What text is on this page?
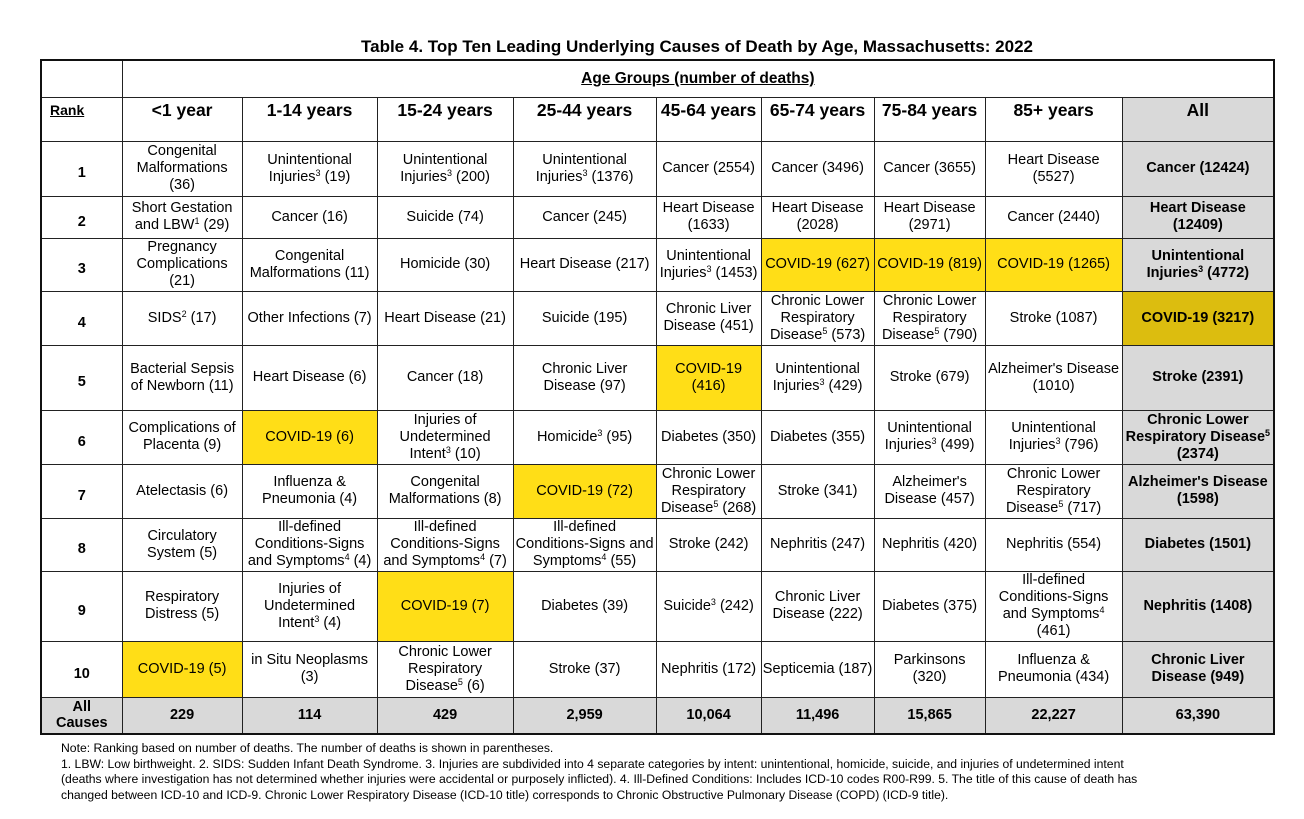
Table 4. Top Ten Leading Underlying Causes of Death by Age, Massachusetts: 2022
	Age Groups (number of deaths)								
Rank	<1 year	1-14 years	15-24 years	25-44 years	45-64 years	65-74 years	75-84 years	85+ years	All
1	Congenital Malformations (36)	Unintentional Injuries$^3$ (19)	Unintentional Injuries$^3$ (200)	Unintentional Injuries$^3$ (1376)	Cancer (2554)	Cancer (3496)	Cancer (3655)	Heart Disease (5527)	Cancer (12424)
2	Short Gestation and LBW$^1$ (29)	Cancer (16)	Suicide (74)	Cancer (245)	Heart Disease (1633)	Heart Disease (2028)	Heart Disease (2971)	Cancer (2440)	Heart Disease (12409)
3	Pregnancy Complications (21)	Congenital Malformations (11)	Homicide (30)	Heart Disease (217)	Unintentional Injuries$^3$ (1453)	COVID-19 (627)	COVID-19 (819)	COVID-19 (1265)	Unintentional Injuries$^3$ (4772)
4	SIDS$^2$ (17)	Other Infections (7)	Heart Disease (21)	Suicide (195)	Chronic Liver Disease (451)	Chronic Lower Respiratory Disease$^5$ (573)	Chronic Lower Respiratory Disease$^5$ (790)	Stroke (1087)	COVID-19 (3217)
5	Bacterial Sepsis of Newborn (11)	Heart Disease (6)	Cancer (18)	Chronic Liver Disease (97)	COVID-19 (416)	Unintentional Injuries$^3$ (429)	Stroke (679)	Alzheimer's Disease (1010)	Stroke (2391)
6	Complications of Placenta (9)	COVID-19 (6)	Injuries of Undetermined Intent$^3$ (10)	Homicide$^3$ (95)	Diabetes (350)	Diabetes (355)	Unintentional Injuries$^3$ (499)	Unintentional Injuries$^3$ (796)	Chronic Lower Respiratory Disease$^5$ (2374)
7	Atelectasis (6)	Influenza & Pneumonia (4)	Congenital Malformations (8)	COVID-19 (72)	Chronic Lower Respiratory Disease$^5$ (268)	Stroke (341)	Alzheimer's Disease (457)	Chronic Lower Respiratory Disease$^5$ (717)	Alzheimer's Disease (1598)
8	Circulatory System (5)	Ill-defined Conditions-Signs and Symptoms$^4$ (4)	Ill-defined Conditions-Signs and Symptoms$^4$ (7)	Ill-defined Conditions-Signs and Symptoms$^4$ (55)	Stroke (242)	Nephritis (247)	Nephritis (420)	Nephritis (554)	Diabetes (1501)
9	Respiratory Distress (5)	Injuries of Undetermined Intent$^3$ (4)	COVID-19 (7)	Diabetes (39)	Suicide$^3$ (242)	Chronic Liver Disease (222)	Diabetes (375)	Ill-defined Conditions-Signs and Symptoms$^4$ (461)	Nephritis (1408)
10	COVID-19 (5)	in Situ Neoplasms (3)	Chronic Lower Respiratory Disease$^5$ (6)	Stroke (37)	Nephritis (172)	Septicemia (187)	Parkinsons (320)	Influenza & Pneumonia (434)	Chronic Liver Disease (949)
All Causes	229	114	429	2,959	10,064	11,496	15,865	22,227	63,390
Note: Ranking based on number of deaths. The number of deaths is shown in parentheses.
1. LBW: Low birthweight. 2. SIDS: Sudden Infant Death Syndrome. 3. Injuries are subdivided into 4 separate categories by intent: unintentional, homicide, suicide, and injuries of undetermined intent
(deaths where investigation has not determined whether injuries were accidental or purposely inflicted). 4. Ill-Defined Conditions: Includes ICD-10 codes R00-R99. 5. The title of this cause of death has
changed between ICD-10 and ICD-9. Chronic Lower Respiratory Disease (ICD-10 title) corresponds to Chronic Obstructive Pulmonary Disease (COPD) (ICD-9 title).
